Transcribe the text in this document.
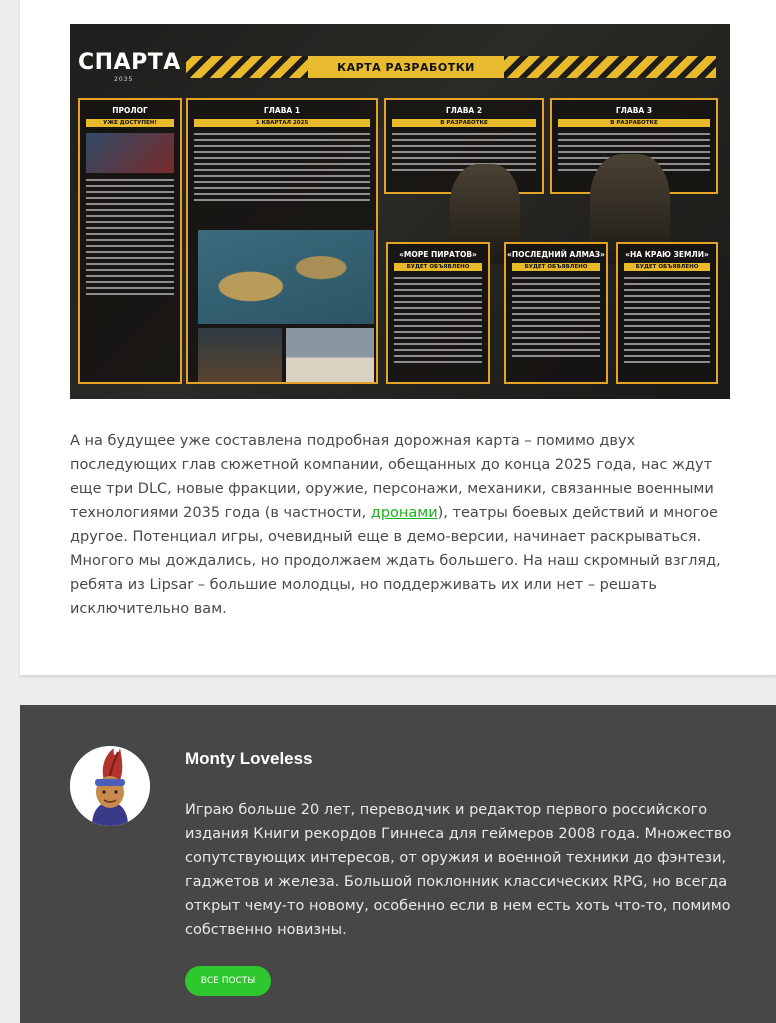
СПАРТА
2035
КАРТА РАЗРАБОТКИ
ПРОЛОГ
УЖЕ ДОСТУПЕН!
ГЛАВА 1
1 КВАРТАЛ 2025
ГЛАВА 2
В РАЗРАБОТКЕ
ГЛАВА 3
В РАЗРАБОТКЕ
«МОРЕ ПИРАТОВ»
БУДЕТ ОБЪЯВЛЕНО
«ПОСЛЕДНИЙ АЛМАЗ»
БУДЕТ ОБЪЯВЛЕНО
«НА КРАЮ ЗЕМЛИ»
БУДЕТ ОБЪЯВЛЕНО

А на будущее уже составлена подробная дорожная карта – помимо двух последующих глав сюжетной компании, обещанных до конца 2025 года, нас ждут еще три DLC, новые фракции, оружие, персонажи, механики, связанные военными технологиями 2035 года (в частности, дронами), театры боевых действий и многое другое. Потенциал игры, очевидный еще в демо-версии, начинает раскрываться. Многого мы дождались, но продолжаем ждать большего. На наш скромный взгляд, ребята из Lipsar – большие молодцы, но поддерживать их или нет – решать исключительно вам.

Monty Loveless

Играю больше 20 лет, переводчик и редактор первого российского издания Книги рекордов Гиннеса для геймеров 2008 года. Множество сопутствующих интересов, от оружия и военной техники до фэнтези, гаджетов и железа. Большой поклонник классических RPG, но всегда открыт чему-то новому, особенно если в нем есть хоть что-то, помимо собственно новизны.

ВСЕ ПОСТЫ
